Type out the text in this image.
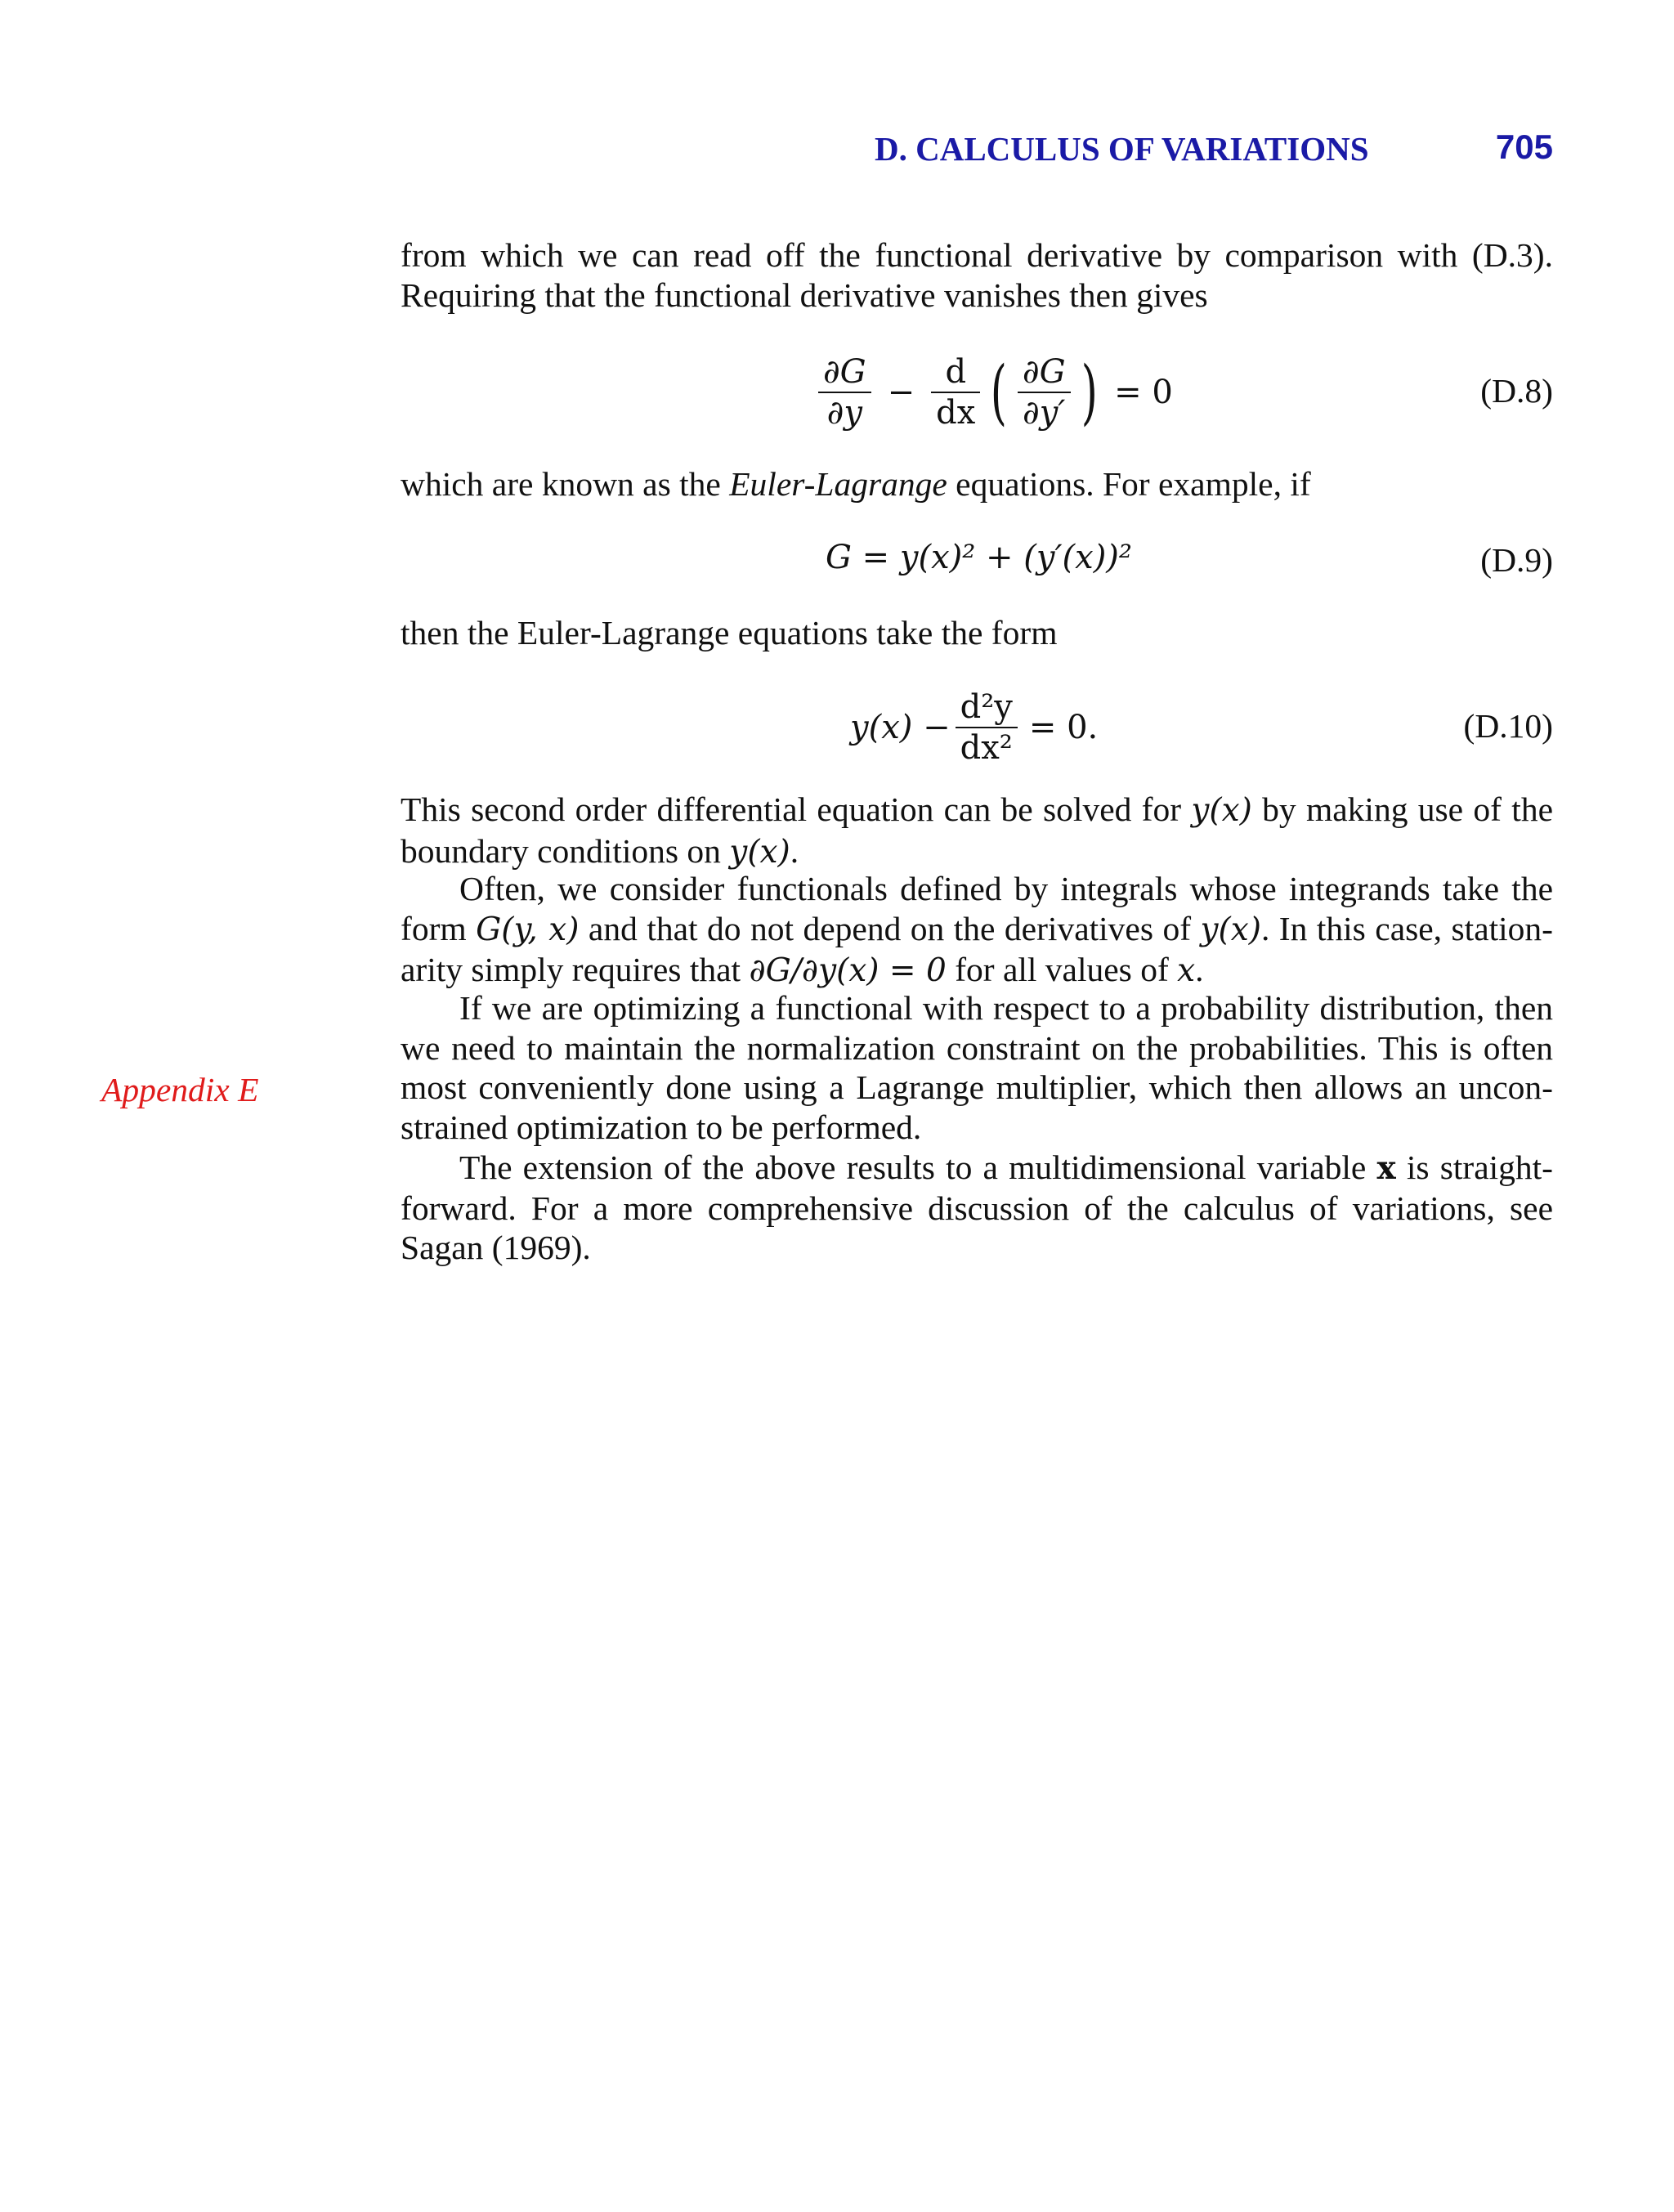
D. CALCULUS OF VARIATIONS	705
from which we can read off the functional derivative by comparison with (D.3).
Requiring that the functional derivative vanishes then gives
$\frac{\partial G}{\partial y} - \frac{d}{dx}$ ( $\frac{\partial G}{\partial y'}$ ) = 0	(D.8)
which are known as the Euler-Lagrange equations. For example, if
G = y(x)² + (y′(x))²	(D.9)
then the Euler-Lagrange equations take the form
$y(x) - \frac{\text{d²y}}{\text{dx²}} = 0$.	(D.10)
This second order differential equation can be solved for y(x) by making use of the
boundary conditions on y(x).
Often, we consider functionals defined by integrals whose integrands take the
form G(y, x) and that do not depend on the derivatives of y(x). In this case, station-
arity simply requires that ∂G/∂y(x) = 0 for all values of x.
If we are optimizing a functional with respect to a probability distribution, then
we need to maintain the normalization constraint on the probabilities. This is often
most conveniently done using a Lagrange multiplier, which then allows an uncon-
strained optimization to be performed.
The extension of the above results to a multidimensional variable x is straight-
forward. For a more comprehensive discussion of the calculus of variations, see
Sagan (1969).
Appendix E
